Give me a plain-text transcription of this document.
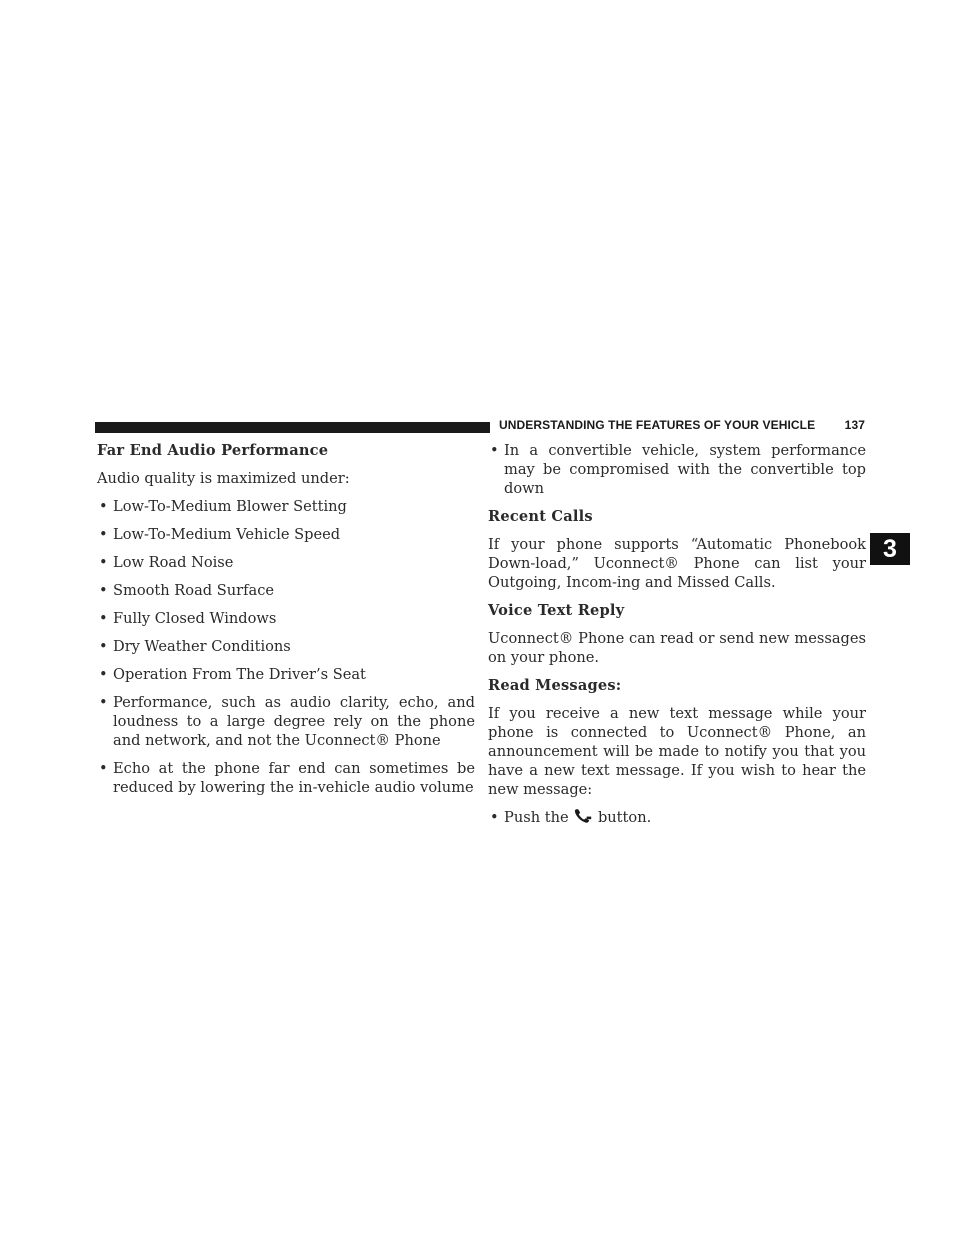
UNDERSTANDING THE FEATURES OF YOUR VEHICLE 137
3

Far End Audio Performance

Audio quality is maximized under:

• Low-To-Medium Blower Setting
• Low-To-Medium Vehicle Speed
• Low Road Noise
• Smooth Road Surface
• Fully Closed Windows
• Dry Weather Conditions
• Operation From The Driver’s Seat
• Performance, such as audio clarity, echo, and loudness to a large degree rely on the phone and network, and not the Uconnect® Phone
• Echo at the phone far end can sometimes be reduced by lowering the in-vehicle audio volume
• In a convertible vehicle, system performance may be compromised with the convertible top down

Recent Calls

If your phone supports “Automatic Phonebook Down-load,” Uconnect® Phone can list your Outgoing, Incom-ing and Missed Calls.

Voice Text Reply

Uconnect® Phone can read or send new messages on your phone.

Read Messages:

If you receive a new text message while your phone is connected to Uconnect® Phone, an announcement will be made to notify you that you have a new text message. If you wish to hear the new message:

• Push the button.
